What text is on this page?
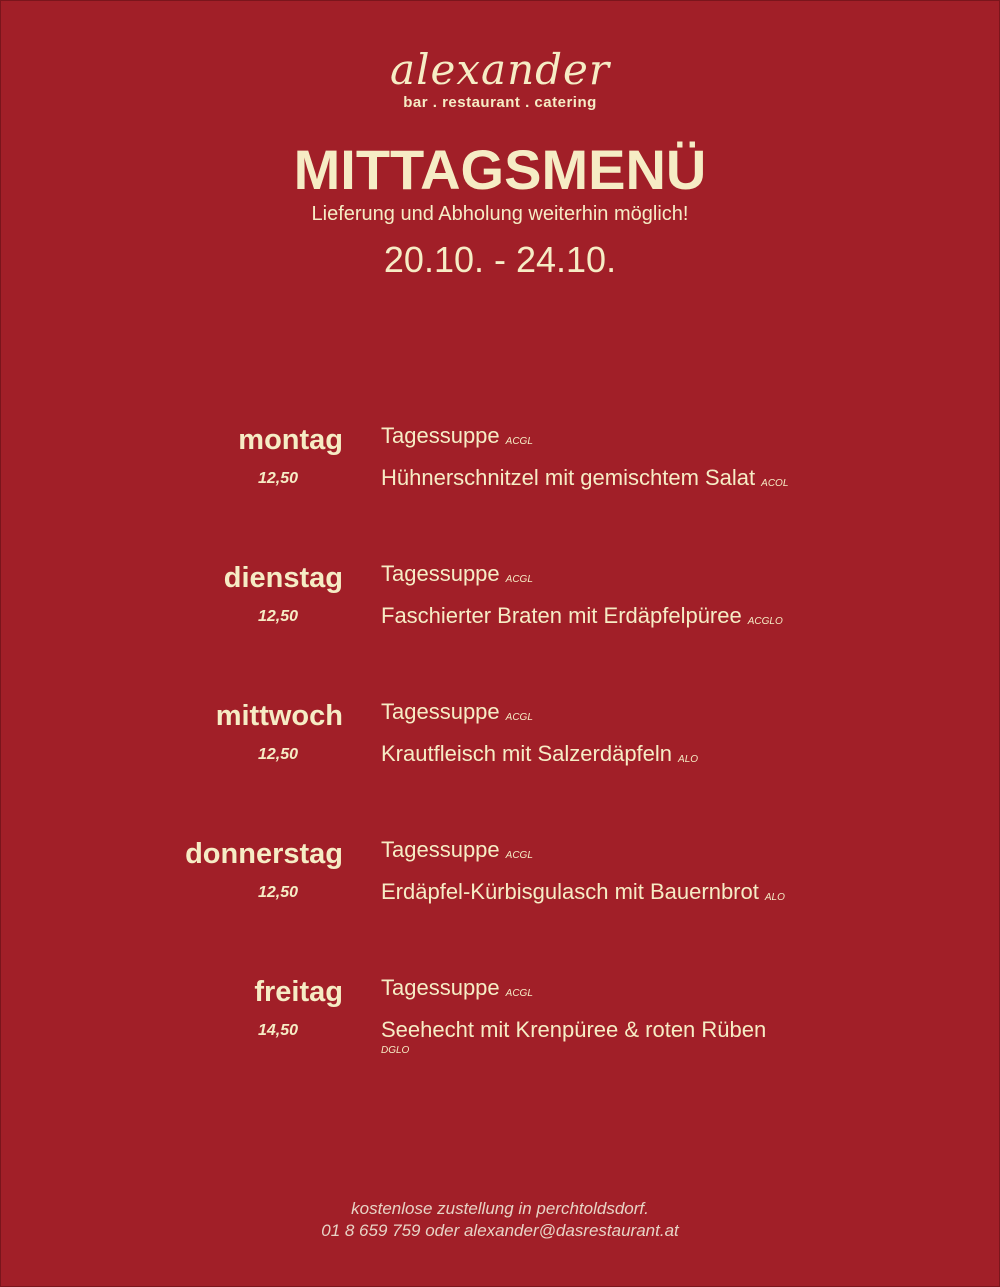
alexander
bar . restaurant . catering
MITTAGSMENÜ
Lieferung und Abholung weiterhin möglich!
20.10. - 24.10.
montag
12,50
Tagessuppe ACGL
Hühnerschnitzel mit gemischtem Salat ACOL
dienstag
12,50
Tagessuppe ACGL
Faschierter Braten mit Erdäpfelpüree ACGLO
mittwoch
12,50
Tagessuppe ACGL
Krautfleisch mit Salzerdäpfeln ALO
donnerstag
12,50
Tagessuppe ACGL
Erdäpfel-Kürbisgulasch mit Bauernbrot ALO
freitag
14,50
Tagessuppe ACGL
Seehecht mit Krenpüree & roten Rüben
DGLO
kostenlose zustellung in perchtoldsdorf.
01 8 659 759 oder alexander@dasrestaurant.at
